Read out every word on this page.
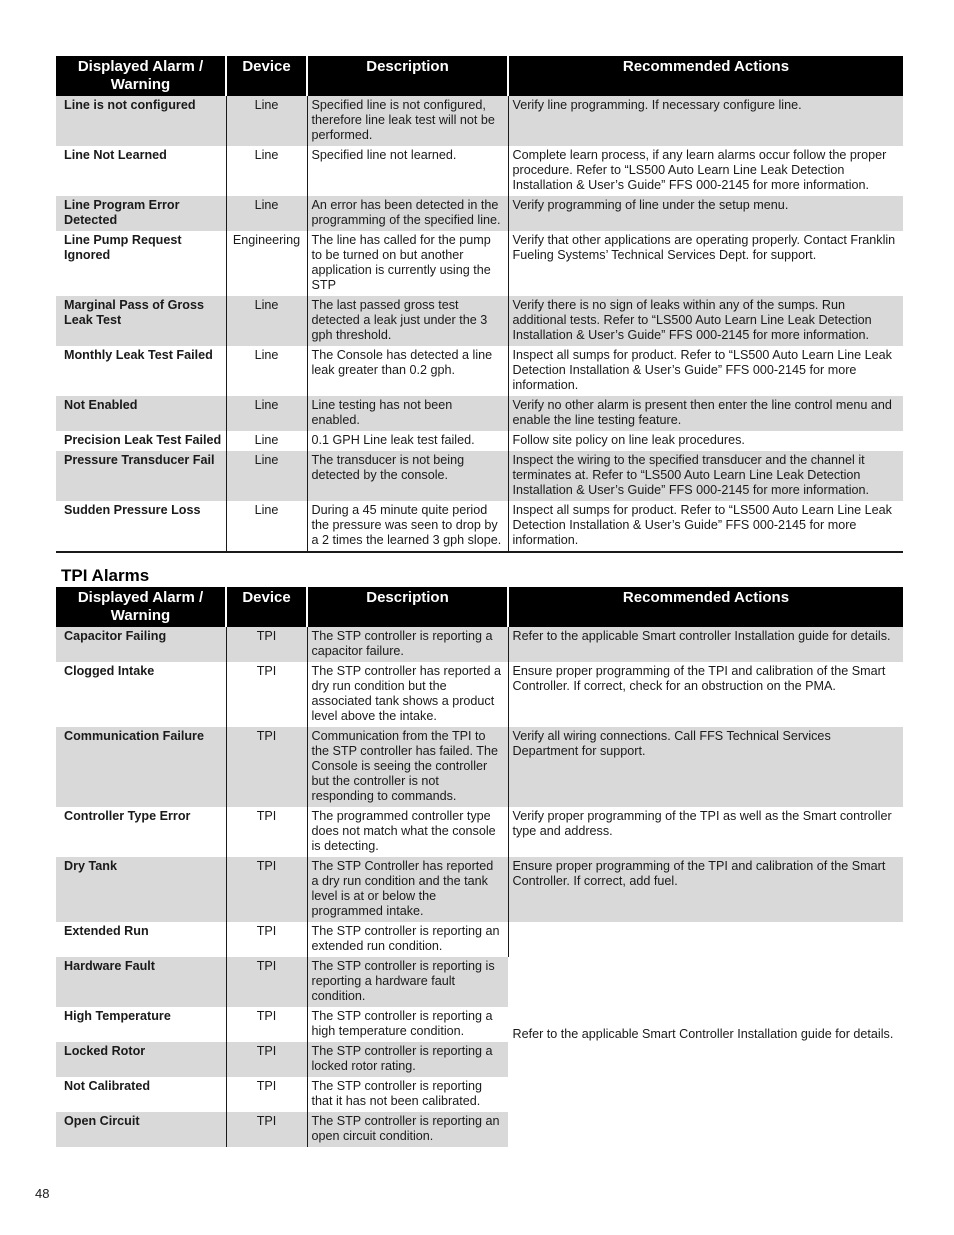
Displayed Alarm / Warning	Device	Description	Recommended Actions
Line is not configured	Line	Specified line is not configured, therefore line leak test will not be performed.	Verify line programming. If necessary configure line.
Line Not Learned	Line	Specified line not learned.	Complete learn process, if any learn alarms occur follow the proper procedure. Refer to “LS500 Auto Learn Line Leak Detection Installation & User’s Guide” FFS 000-2145 for more information.
Line Program Error Detected	Line	An error has been detected in the programming of the specified line.	Verify programming of line under the setup menu.
Line Pump Request Ignored	Engineering	The line has called for the pump to be turned on but another application is currently using the STP	Verify that other applications are operating properly. Contact Franklin Fueling Systems’ Technical Services Dept. for support.
Marginal Pass of Gross Leak Test	Line	The last passed gross test detected a leak just under the 3 gph threshold.	Verify there is no sign of leaks within any of the sumps. Run additional tests. Refer to “LS500 Auto Learn Line Leak Detection Installation & User’s Guide” FFS 000-2145 for more information.
Monthly Leak Test Failed	Line	The Console has detected a line leak greater than 0.2 gph.	Inspect all sumps for product. Refer to “LS500 Auto Learn Line Leak Detection Installation & User’s Guide” FFS 000-2145 for more information.
Not Enabled	Line	Line testing has not been enabled.	Verify no other alarm is present then enter the line control menu and enable the line testing feature.
Precision Leak Test Failed	Line	0.1 GPH Line leak test failed.	Follow site policy on line leak procedures.
Pressure Transducer Fail	Line	The transducer is not being detected by the console.	Inspect the wiring to the specified transducer and the channel it terminates at. Refer to “LS500 Auto Learn Line Leak Detection Installation & User’s Guide” FFS 000-2145 for more information.
Sudden Pressure Loss	Line	During a 45 minute quite period the pressure was seen to drop by a 2 times the learned 3 gph slope.	Inspect all sumps for product. Refer to “LS500 Auto Learn Line Leak Detection Installation & User’s Guide” FFS 000-2145 for more information.
TPI Alarms
Displayed Alarm / Warning	Device	Description	Recommended Actions
Capacitor Failing	TPI	The STP controller is reporting a capacitor failure.	Refer to the applicable Smart controller Installation guide for details.
Clogged Intake	TPI	The STP controller has reported a dry run condition but the associated tank shows a product level above the intake.	Ensure proper programming of the TPI and calibration of the Smart Controller. If correct, check for an obstruction on the PMA.
Communication Failure	TPI	Communication from the TPI to the STP controller has failed. The Console is seeing the controller but the controller is not responding to commands.	Verify all wiring connections. Call FFS Technical Services Department for support.
Controller Type Error	TPI	The programmed controller type does not match what the console is detecting.	Verify proper programming of the TPI as well as the Smart controller type and address.
Dry Tank	TPI	The STP Controller has reported a dry run condition and the tank level is at or below the programmed intake.	Ensure proper programming of the TPI and calibration of the Smart Controller. If correct, add fuel.
Extended Run	TPI	The STP controller is reporting an extended run condition.	Refer to the applicable Smart Controller Installation guide for details.
Hardware Fault	TPI	The STP controller is reporting is reporting a hardware fault condition.	
High Temperature	TPI	The STP controller is reporting a high temperature condition.	
Locked Rotor	TPI	The STP controller is reporting a locked rotor rating.	
Not Calibrated	TPI	The STP controller is reporting that it has not been calibrated.	
Open Circuit	TPI	The STP controller is reporting an open circuit condition.	
48
